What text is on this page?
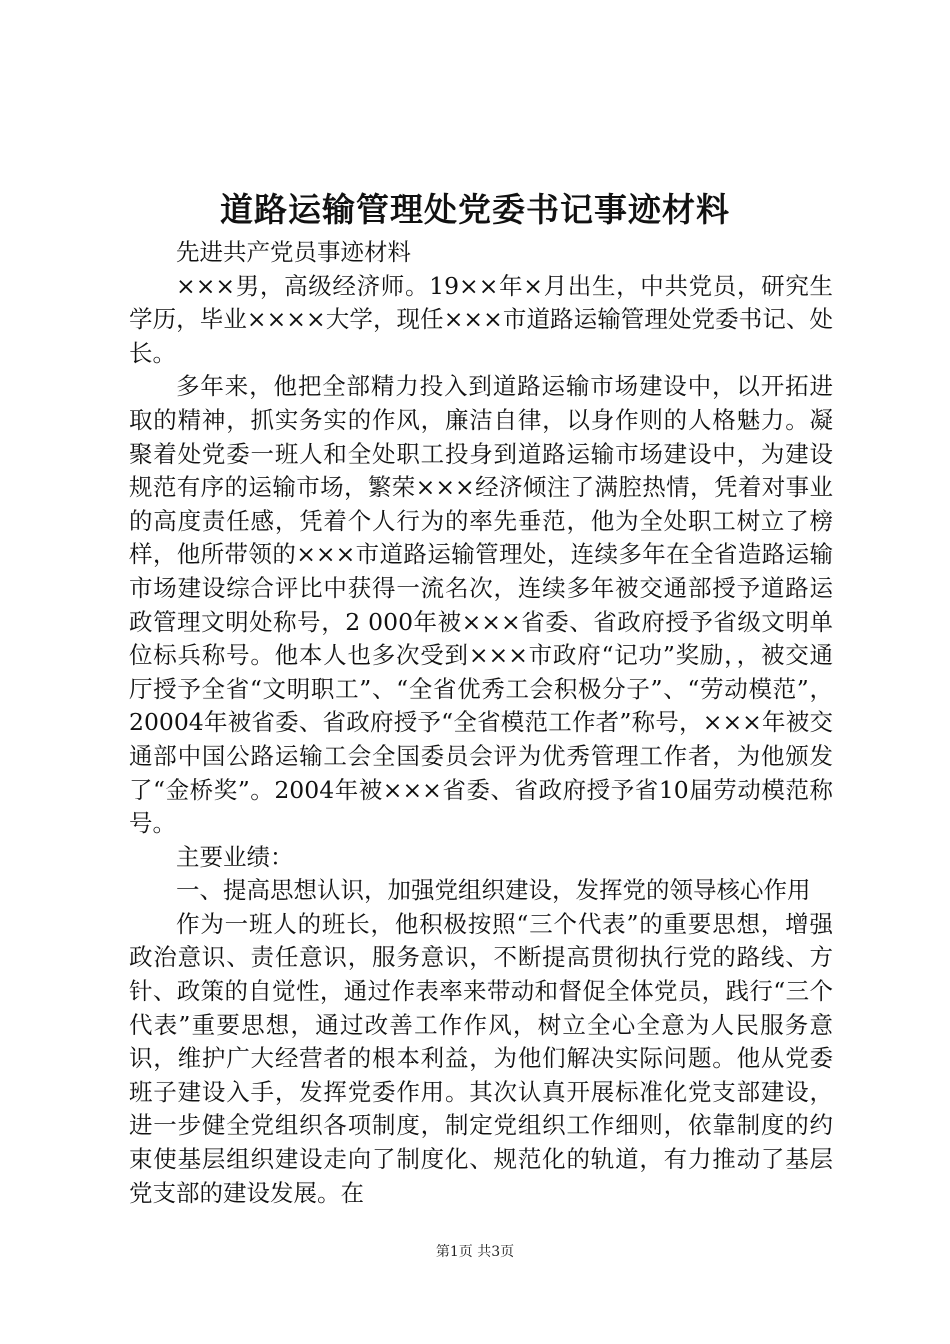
道路运输管理处党委书记事迹材料

先进共产党员事迹材料

×××男，高级经济师。19××年×月出生，中共党员，研究生学历，毕业××××大学，现任×××市道路运输管理处党委书记、处长。

多年来，他把全部精力投入到道路运输市场建设中，以开拓进取的精神，抓实务实的作风，廉洁自律，以身作则的人格魅力。凝聚着处党委一班人和全处职工投身到道路运输市场建设中，为建设规范有序的运输市场，繁荣×××经济倾注了满腔热情，凭着对事业的高度责任感，凭着个人行为的率先垂范，他为全处职工树立了榜样，他所带领的×××市道路运输管理处，连续多年在全省造路运输市场建设综合评比中获得一流名次，连续多年被交通部授予道路运政管理文明处称号，2 000年被×××省委、省政府授予省级文明单位标兵称号。他本人也多次受到×××市政府“记功”奖励，，被交通厅授予全省“文明职工”、“全省优秀工会积极分子”、“劳动模范”，20004年被省委、省政府授予“全省模范工作者”称号，×××年被交通部中国公路运输工会全国委员会评为优秀管理工作者，为他颁发了“金桥奖”。2004年被×××省委、省政府授予省10届劳动模范称号。

主要业绩：

一、提高思想认识，加强党组织建设，发挥党的领导核心作用

作为一班人的班长，他积极按照“三个代表”的重要思想，增强政治意识、责任意识，服务意识，不断提高贯彻执行党的路线、方针、政策的自觉性，通过作表率来带动和督促全体党员，践行“三个代表”重要思想，通过改善工作作风，树立全心全意为人民服务意识，维护广大经营者的根本利益，为他们解决实际问题。他从党委班子建设入手，发挥党委作用。其次认真开展标准化党支部建设，进一步健全党组织各项制度，制定党组织工作细则，依靠制度的约束使基层组织建设走向了制度化、规范化的轨道，有力推动了基层党支部的建设发展。在

第1页 共3页
